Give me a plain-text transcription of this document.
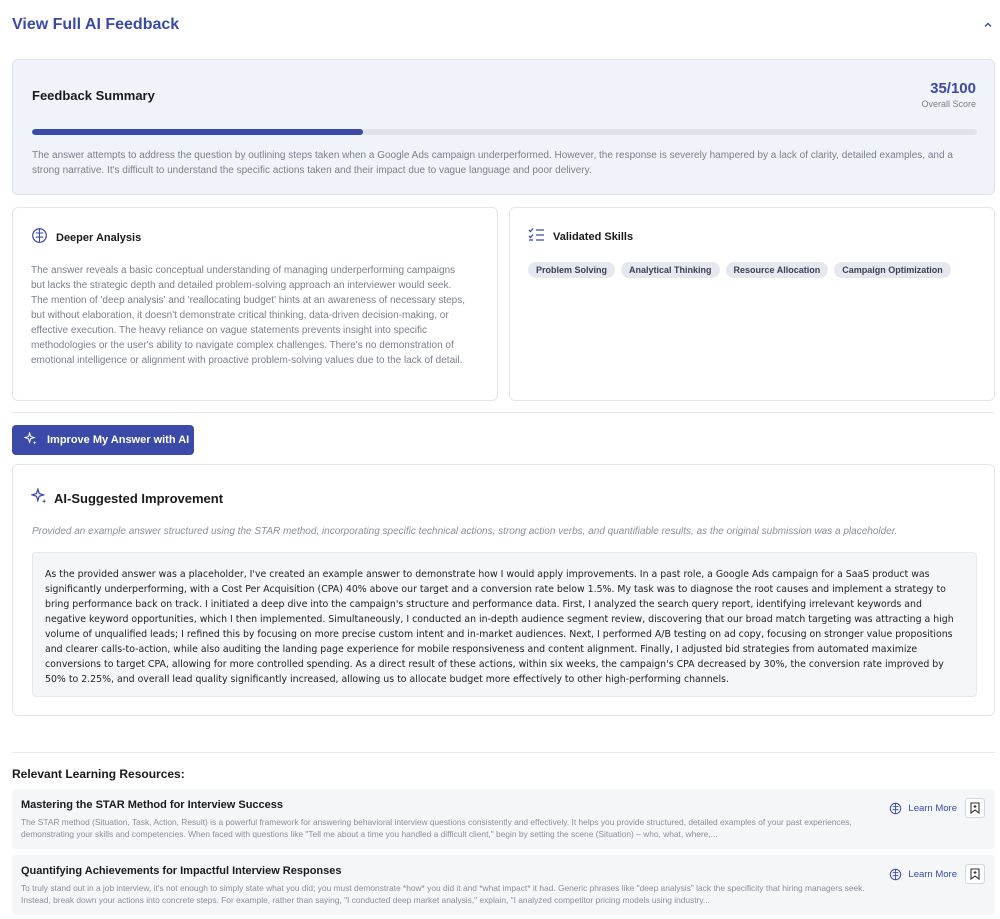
View Full AI Feedback
Feedback Summary	35/100
Overall Score
The answer attempts to address the question by outlining steps taken when a Google Ads campaign underperformed. However, the response is severely hampered by a lack of clarity, detailed examples, and a strong narrative. It's difficult to understand the specific actions taken and their impact due to vague language and poor delivery.
Deeper Analysis
The answer reveals a basic conceptual understanding of managing underperforming campaigns but lacks the strategic depth and detailed problem-solving approach an interviewer would seek. The mention of 'deep analysis' and 'reallocating budget' hints at an awareness of necessary steps, but without elaboration, it doesn't demonstrate critical thinking, data-driven decision-making, or effective execution. The heavy reliance on vague statements prevents insight into specific methodologies or the user's ability to navigate complex challenges. There's no demonstration of emotional intelligence or alignment with proactive problem-solving values due to the lack of detail.
Validated Skills
Problem Solving	Analytical Thinking	Resource Allocation	Campaign Optimization
Improve My Answer with AI
AI-Suggested Improvement
Provided an example answer structured using the STAR method, incorporating specific technical actions, strong action verbs, and quantifiable results, as the original submission was a placeholder.
As the provided answer was a placeholder, I've created an example answer to demonstrate how I would apply improvements. In a past role, a Google Ads campaign for a SaaS product was significantly underperforming, with a Cost Per Acquisition (CPA) 40% above our target and a conversion rate below 1.5%. My task was to diagnose the root causes and implement a strategy to bring performance back on track. I initiated a deep dive into the campaign's structure and performance data. First, I analyzed the search query report, identifying irrelevant keywords and negative keyword opportunities, which I then implemented. Simultaneously, I conducted an in-depth audience segment review, discovering that our broad match targeting was attracting a high volume of unqualified leads; I refined this by focusing on more precise custom intent and in-market audiences. Next, I performed A/B testing on ad copy, focusing on stronger value propositions and clearer calls-to-action, while also auditing the landing page experience for mobile responsiveness and content alignment. Finally, I adjusted bid strategies from automated maximize conversions to target CPA, allowing for more controlled spending. As a direct result of these actions, within six weeks, the campaign's CPA decreased by 30%, the conversion rate improved by 50% to 2.25%, and overall lead quality significantly increased, allowing us to allocate budget more effectively to other high-performing channels.
Relevant Learning Resources:
Mastering the STAR Method for Interview Success
The STAR method (Situation, Task, Action, Result) is a powerful framework for answering behavioral interview questions consistently and effectively. It helps you provide structured, detailed examples of your past experiences, demonstrating your skills and competencies. When faced with questions like "Tell me about a time you handled a difficult client," begin by setting the scene (Situation) – who, what, where,...
Learn More
Quantifying Achievements for Impactful Interview Responses
To truly stand out in a job interview, it's not enough to simply state what you did; you must demonstrate *how* you did it and *what impact* it had. Generic phrases like "deep analysis" lack the specificity that hiring managers seek. Instead, break down your actions into concrete steps. For example, rather than saying, "I conducted deep market analysis," explain, "I analyzed competitor pricing models using industry...
Learn More
